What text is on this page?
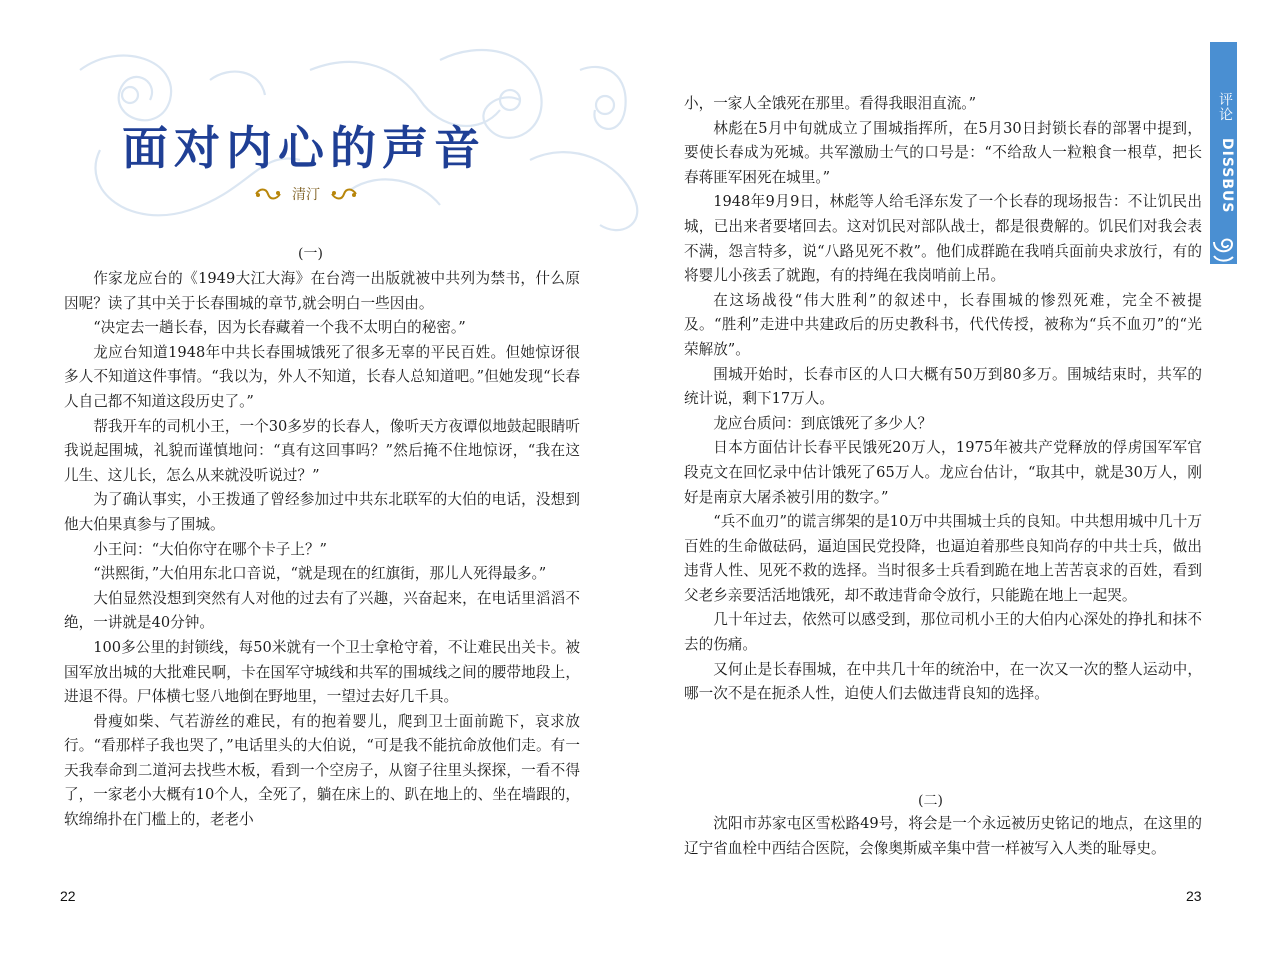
面对内心的声音
清汀
(一)

作家龙应台的《1949大江大海》在台湾一出版就被中共列为禁书，什么原因呢？读了其中关于长春围城的章节,就会明白一些因由。

“决定去一趟长春，因为长春藏着一个我不太明白的秘密。”

龙应台知道1948年中共长春围城饿死了很多无辜的平民百姓。但她惊讶很多人不知道这件事情。“我以为，外人不知道，长春人总知道吧。”但她发现“长春人自己都不知道这段历史了。”

帮我开车的司机小王，一个30多岁的长春人，像听天方夜谭似地鼓起眼睛听我说起围城，礼貌而谨慎地问：“真有这回事吗？”然后掩不住地惊讶，“我在这儿生、这儿长，怎么从来就没听说过？”

为了确认事实，小王拨通了曾经参加过中共东北联军的大伯的电话，没想到他大伯果真参与了围城。

小王问：“大伯你守在哪个卡子上？”

“洪熙街，”大伯用东北口音说，“就是现在的红旗街，那儿人死得最多。”

大伯显然没想到突然有人对他的过去有了兴趣，兴奋起来，在电话里滔滔不绝，一讲就是40分钟。

100多公里的封锁线，每50米就有一个卫士拿枪守着，不让难民出关卡。被国军放出城的大批难民啊，卡在国军守城线和共军的围城线之间的腰带地段上，进退不得。尸体横七竖八地倒在野地里，一望过去好几千具。

骨瘦如柴、气若游丝的难民，有的抱着婴儿，爬到卫士面前跪下，哀求放行。“看那样子我也哭了，”电话里头的大伯说，“可是我不能抗命放他们走。有一天我奉命到二道河去找些木板，看到一个空房子，从窗子往里头探探，一看不得了，一家老小大概有10个人，全死了，躺在床上的、趴在地上的、坐在墙跟的，软绵绵扑在门槛上的，老老小

22

小，一家人全饿死在那里。看得我眼泪直流。”

林彪在5月中旬就成立了围城指挥所，在5月30日封锁长春的部署中提到，要使长春成为死城。共军激励士气的口号是：“不给敌人一粒粮食一根草，把长春蒋匪军困死在城里。”

1948年9月9日，林彪等人给毛泽东发了一个长春的现场报告：不让饥民出城，已出来者要堵回去。这对饥民对部队战士，都是很费解的。饥民们对我会表不满，怨言特多，说“八路见死不救”。他们成群跪在我哨兵面前央求放行，有的将婴儿小孩丢了就跑，有的持绳在我岗哨前上吊。

在这场战役“伟大胜利”的叙述中，长春围城的惨烈死难，完全不被提及。“胜利”走进中共建政后的历史教科书，代代传授，被称为“兵不血刃”的“光荣解放”。

围城开始时，长春市区的人口大概有50万到80多万。围城结束时，共军的统计说，剩下17万人。

龙应台质问：到底饿死了多少人？

日本方面估计长春平民饿死20万人，1975年被共产党释放的俘虏国军军官段克文在回忆录中估计饿死了65万人。龙应台估计，“取其中，就是30万人，刚好是南京大屠杀被引用的数字。”

“兵不血刃”的谎言绑架的是10万中共围城士兵的良知。中共想用城中几十万百姓的生命做砝码，逼迫国民党投降，也逼迫着那些良知尚存的中共士兵，做出违背人性、见死不救的选择。当时很多士兵看到跪在地上苦苦哀求的百姓，看到父老乡亲要活活地饿死，却不敢违背命令放行，只能跪在地上一起哭。

几十年过去，依然可以感受到，那位司机小王的大伯内心深处的挣扎和抹不去的伤痛。

又何止是长春围城，在中共几十年的统治中，在一次又一次的整人运动中，哪一次不是在扼杀人性，迫使人们去做违背良知的选择。

(二)

沈阳市苏家屯区雪松路49号，将会是一个永远被历史铭记的地点，在这里的辽宁省血栓中西结合医院，会像奥斯威辛集中营一样被写入人类的耻辱史。

评论
DISSBUS
23
